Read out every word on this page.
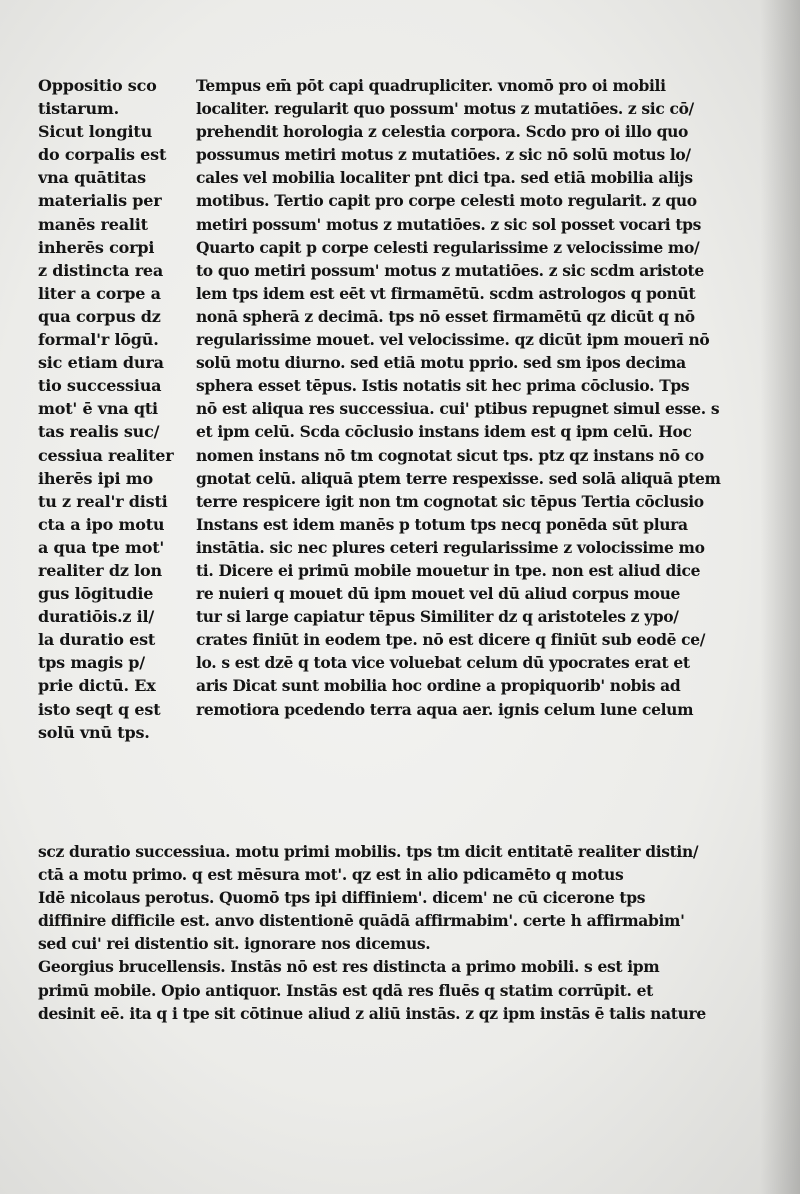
Oppositio sco
tistarum.
Sicut longitu
do corpalis est
vna quātitas
materialis per
manēs realit
inherēs corpi
z distincta rea
liter a corpe a
qua corpus dz
formal'r lōgū.
sic etiam dura
tio successiua
mot' ē vna qti
tas realis suc/
cessiua realiter
iherēs ipi mo
tu z real'r disti
cta a ipo motu
a qua tpe mot'
realiter dz lon
gus lōgitudie
duratiōis.z il/
la duratio est
tps magis p/
prie dictū. Ex
isto seqt q est
solū vnū tps.
Tempus em̄ pōt capi quadrupliciter. vnomō pro oi mobili
localiter. regularit quo possum' motus z mutatiōes. z sic cō/
prehendit horologia z celestia corpora. Scdo pro oi illo quo
possumus metiri motus z mutatiōes. z sic nō solū motus lo/
cales vel mobilia localiter pnt dici tpa. sed etiā mobilia alijs
motibus. Tertio capit pro corpe celesti moto regularit. z quo
metiri possum' motus z mutatiōes. z sic sol posset vocari tps
Quarto capit p corpe celesti regularissime z velocissime mo/
to quo metiri possum' motus z mutatiōes. z sic scdm aristote
lem tps idem est eēt vt firmamētū. scdm astrologos q ponūt
nonā spherā z decimā. tps nō esset firmamētū qz dicūt q nō
regularissime mouet. vel velocissime. qz dicūt ipm mouerī nō
solū motu diurno. sed etiā motu pprio. sed sm ipos decima
sphera esset tēpus. Istis notatis sit hec prima cōclusio. Tps
nō est aliqua res successiua. cui' ptibus repugnet simul esse. s
et ipm celū. Scda cōclusio instans idem est q ipm celū. Hoc
nomen instans nō tm cognotat sicut tps. ptz qz instans nō co
gnotat celū. aliquā ptem terre respexisse. sed solā aliquā ptem
terre respicere igit non tm cognotat sic tēpus Tertia cōclusio
Instans est idem manēs p totum tps necq ponēda sūt plura
instātia. sic nec plures ceteri regularissime z volocissime mo
ti. Dicere ei primū mobile mouetur in tpe. non est aliud dice
re nuieri q mouet dū ipm mouet vel dū aliud corpus moue
tur si large capiatur tēpus Similiter dz q aristoteles z ypo/
crates finiūt in eodem tpe. nō est dicere q finiūt sub eodē ce/
lo. s est dzē q tota vice voluebat celum dū ypocrates erat et
aris Dicat sunt mobilia hoc ordine a propiquorib' nobis ad
remotiora pcedendo terra aqua aer. ignis celum lune celum
scz duratio successiua. motu primi mobilis. tps tm dicit entitatē realiter distin/
ctā a motu primo. q est mēsura mot'. qz est in alio pdicamēto q motus
Idē nicolaus perotus. Quomō tps ipi diffiniem'. dicem' ne cū cicerone tps
diffinire difficile est. anvo distentionē quādā affirmabim'. certe h affirmabim'
sed cui' rei distentio sit. ignorare nos dicemus.
Georgius brucellensis. Instās nō est res distincta a primo mobili. s est ipm
primū mobile. Opio antiquor. Instās est qdā res fluēs q statim corrūpit. et
desinit eē. ita q i tpe sit cōtinue aliud z aliū instās. z qz ipm instās ē talis nature
